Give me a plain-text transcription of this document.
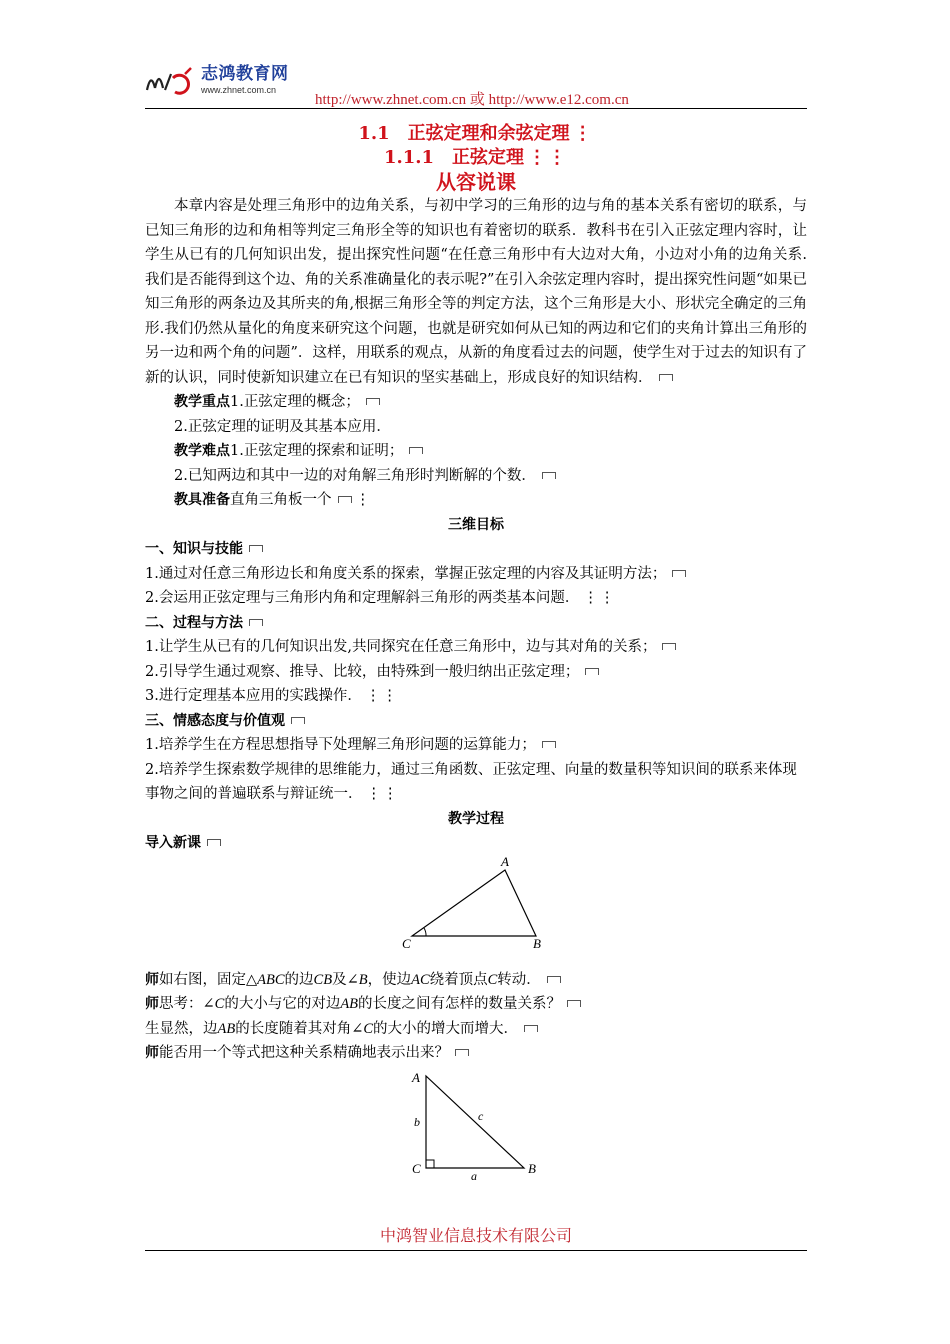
志鸿教育网
www.zhnet.com.cn
http://www.zhnet.com.cn 或 http://www.e12.com.cn
1.1　正弦定理和余弦定理 ⋮
1.1.1　正弦定理 ⋮⋮
从容说课

本章内容是处理三角形中的边角关系，与初中学习的三角形的边与角的基本关系有密切的联系，与已知三角形的边和角相等判定三角形全等的知识也有着密切的联系．教科书在引入正弦定理内容时，让学生从已有的几何知识出发，提出探究性问题“在任意三角形中有大边对大角，小边对小角的边角关系.我们是否能得到这个边、角的关系准确量化的表示呢?”在引入余弦定理内容时，提出探究性问题“如果已知三角形的两条边及其所夹的角,根据三角形全等的判定方法，这个三角形是大小、形状完全确定的三角形.我们仍然从量化的角度来研究这个问题，也就是研究如何从已知的两边和它们的夹角计算出三角形的另一边和两个角的问题”．这样，用联系的观点，从新的角度看过去的问题，使学生对于过去的知识有了新的认识，同时使新知识建立在已有知识的坚实基础上，形成良好的知识结构．

教学重点1.正弦定理的概念；

2.正弦定理的证明及其基本应用．

教学难点1.正弦定理的探索和证明；

2.已知两边和其中一边的对角解三角形时判断解的个数．

教具准备直角三角板一个 ⋮

三维目标

一、知识与技能

1.通过对任意三角形边长和角度关系的探索，掌握正弦定理的内容及其证明方法；

2.会运用正弦定理与三角形内角和定理解斜三角形的两类基本问题． ⋮⋮

二、过程与方法

1.让学生从已有的几何知识出发,共同探究在任意三角形中，边与其对角的关系；

2.引导学生通过观察、推导、比较，由特殊到一般归纳出正弦定理；

3.进行定理基本应用的实践操作． ⋮⋮

三、情感态度与价值观

1.培养学生在方程思想指导下处理解三角形问题的运算能力；

2.培养学生探索数学规律的思维能力，通过三角函数、正弦定理、向量的数量积等知识间的联系来体现事物之间的普遍联系与辩证统一． ⋮⋮

教学过程

导入新课

A
C	B

师如右图，固定△ABC的边CB及∠B，使边AC绕着顶点C转动．

师思考：∠C的大小与它的对边AB的长度之间有怎样的数量关系？

生显然，边AB的长度随着其对角∠C的大小的增大而增大．

师能否用一个等式把这种关系精确地表示出来？

A
C	B
b	c
a
中鸿智业信息技术有限公司
